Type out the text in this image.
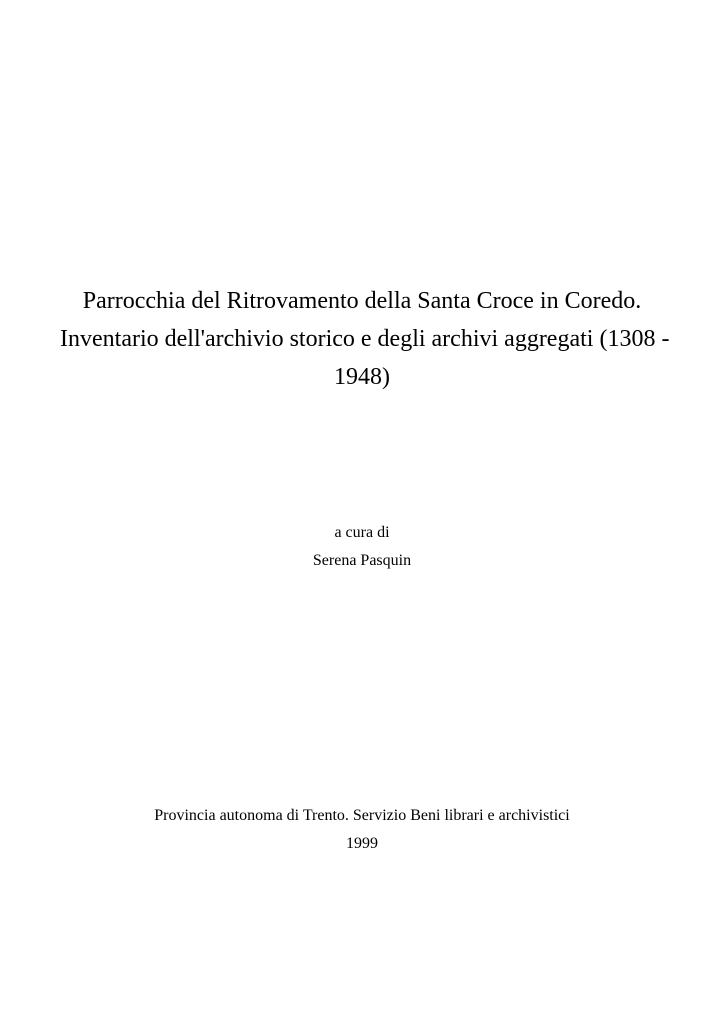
Parrocchia del Ritrovamento della Santa Croce in Coredo.
Inventario dell'archivio storico e degli archivi aggregati (1308 -
1948)
a cura di
Serena Pasquin
Provincia autonoma di Trento. Servizio Beni librari e archivistici
1999
